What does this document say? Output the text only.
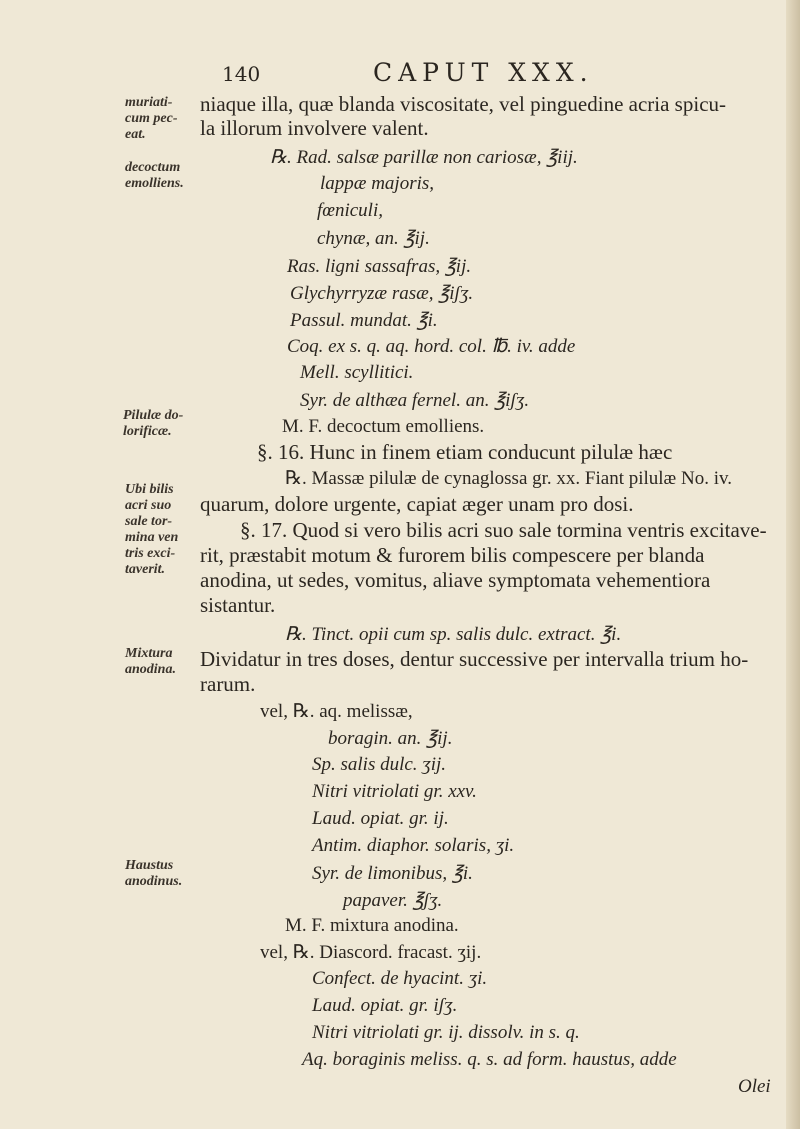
140	CAPUT XXX.
muriati-
cum pec-
eat.
decoctum
emolliens.
Pilulæ do-
lorificæ.
Ubi bilis
acri suo
sale tor-
mina ven
tris exci-
taverit.
Mixtura
anodina.
Haustus
anodinus.
niaque illa, quæ blanda viscositate, vel pinguedine acria spicu-
la illorum involvere valent.
℞. Rad. salsæ parillæ non cariosæ, ℥iij.
lappæ majoris,
fœniculi,
chynæ, an. ℥ij.
Ras. ligni sassafras, ℥ij.
Glychyrryzæ rasæ, ℥iʃʒ.
Passul. mundat. ℥i.
Coq. ex s. q. aq. hord. col. ℔. iv. adde
Mell. scyllitici.
Syr. de althæa fernel. an. ℥iʃʒ.
M. F. decoctum emolliens.
§. 16. Hunc in finem etiam conducunt pilulæ hæc
℞. Massæ pilulæ de cynaglossa gr. xx. Fiant pilulæ No. iv.
quarum, dolore urgente, capiat æger unam pro dosi.
§. 17. Quod si vero bilis acri suo sale tormina ventris excitave-
rit, præstabit motum & furorem bilis compescere per blanda
anodina, ut sedes, vomitus, aliave symptomata vehementiora
sistantur.
℞. Tinct. opii cum sp. salis dulc. extract. ℥i.
Dividatur in tres doses, dentur successive per intervalla trium ho-
rarum.
vel, ℞. aq. melissæ,
boragin. an. ℥ij.
Sp. salis dulc. ʒij.
Nitri vitriolati gr. xxv.
Laud. opiat. gr. ij.
Antim. diaphor. solaris, ʒi.
Syr. de limonibus, ℥i.
papaver. ℥ʃʒ.
M. F. mixtura anodina.
vel, ℞. Diascord. fracast. ʒij.
Confect. de hyacint. ʒi.
Laud. opiat. gr. iʃʒ.
Nitri vitriolati gr. ij. dissolv. in s. q.
Aq. boraginis meliss. q. s. ad form. haustus, adde
Olei
